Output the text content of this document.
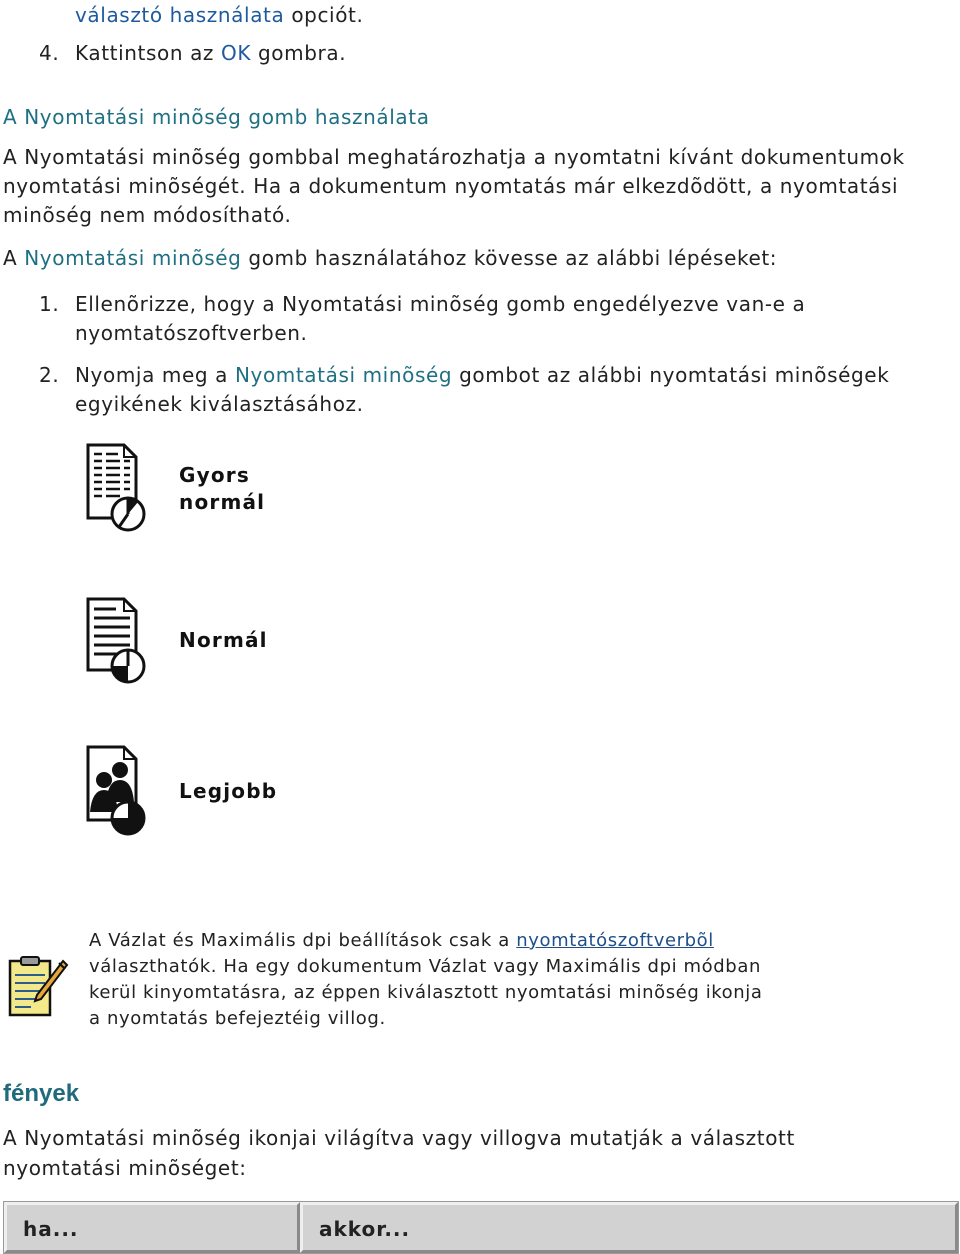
választó használata opciót.
4. Kattintson az OK gombra.
A Nyomtatási minõség gomb használata
A Nyomtatási minõség gombbal meghatározhatja a nyomtatni kívánt dokumentumok
nyomtatási minõségét. Ha a dokumentum nyomtatás már elkezdõdött, a nyomtatási
minõség nem módosítható.
A Nyomtatási minõség gomb használatához kövesse az alábbi lépéseket:
1. Ellenõrizze, hogy a Nyomtatási minõség gomb engedélyezve van-e a
nyomtatószoftverben.
2. Nyomja meg a Nyomtatási minõség gombot az alábbi nyomtatási minõségek
egyikének kiválasztásához.
Gyors
normál
Normál
Legjobb
A Vázlat és Maximális dpi beállítások csak a nyomtatószoftverbõl választhatók. Ha egy dokumentum Vázlat vagy Maximális dpi módban kerül kinyomtatásra, az éppen kiválasztott nyomtatási minõség ikonja a nyomtatás befejeztéig villog.
fények
A Nyomtatási minõség ikonjai világítva vagy villogva mutatják a választott
nyomtatási minõséget:
ha...	akkor...
